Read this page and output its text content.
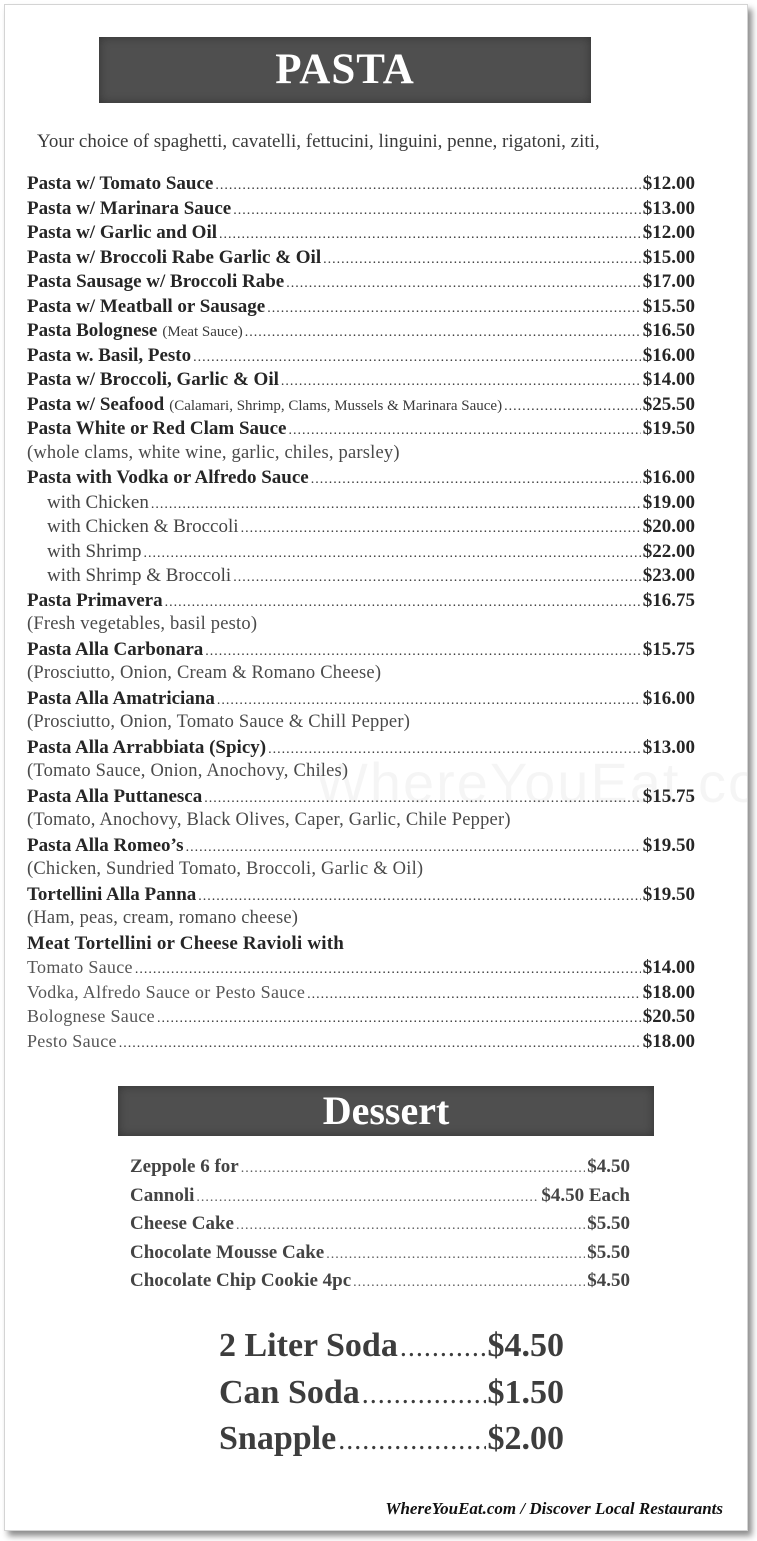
PASTA
Your choice of spaghetti, cavatelli, fettucini, linguini, penne, rigatoni, ziti,
Pasta w/ Tomato Sauce .....	$12.00
Pasta w/ Marinara Sauce .....	$13.00
Pasta w/ Garlic and Oil .....	$12.00
Pasta w/ Broccoli Rabe Garlic & Oil .....	$15.00
Pasta Sausage w/ Broccoli Rabe .....	$17.00
Pasta w/ Meatball or Sausage .....	$15.50
Pasta Bolognese (Meat Sauce) .....	$16.50
Pasta w. Basil, Pesto .....	$16.00
Pasta w/ Broccoli, Garlic & Oil .....	$14.00
Pasta w/ Seafood (Calamari, Shrimp, Clams, Mussels & Marinara Sauce) .....	$25.50
Pasta White or Red Clam Sauce .....	$19.50
(whole clams, white wine, garlic, chiles, parsley)
Pasta with Vodka or Alfredo Sauce .....	$16.00
with Chicken .....	$19.00
with Chicken & Broccoli .....	$20.00
with Shrimp .....	$22.00
with Shrimp & Broccoli .....	$23.00
Pasta Primavera .....	$16.75
(Fresh vegetables, basil pesto)
Pasta Alla Carbonara .....	$15.75
(Prosciutto, Onion, Cream & Romano Cheese)
Pasta Alla Amatriciana .....	$16.00
(Prosciutto, Onion, Tomato Sauce & Chill Pepper)
Pasta Alla Arrabbiata (Spicy) .....	$13.00
(Tomato Sauce, Onion, Anochovy, Chiles)
Pasta Alla Puttanesca .....	$15.75
(Tomato, Anochovy, Black Olives, Caper, Garlic, Chile Pepper)
Pasta Alla Romeo’s .....	$19.50
(Chicken, Sundried Tomato, Broccoli, Garlic & Oil)
Tortellini Alla Panna .....	$19.50
(Ham, peas, cream, romano cheese)
Meat Tortellini or Cheese Ravioli with
Tomato Sauce .....	$14.00
Vodka, Alfredo Sauce or Pesto Sauce .....	$18.00
Bolognese Sauce .....	$20.50
Pesto Sauce .....	$18.00
Dessert
Zeppole 6 for .....	$4.50
Cannoli .....	$4.50 Each
Cheese Cake .....	$5.50
Chocolate Mousse Cake .....	$5.50
Chocolate Chip Cookie 4pc .....	$4.50
2 Liter Soda .....	$4.50
Can Soda .....	$1.50
Snapple .....	$2.00
WhereYouEat.com / Discover Local Restaurants
